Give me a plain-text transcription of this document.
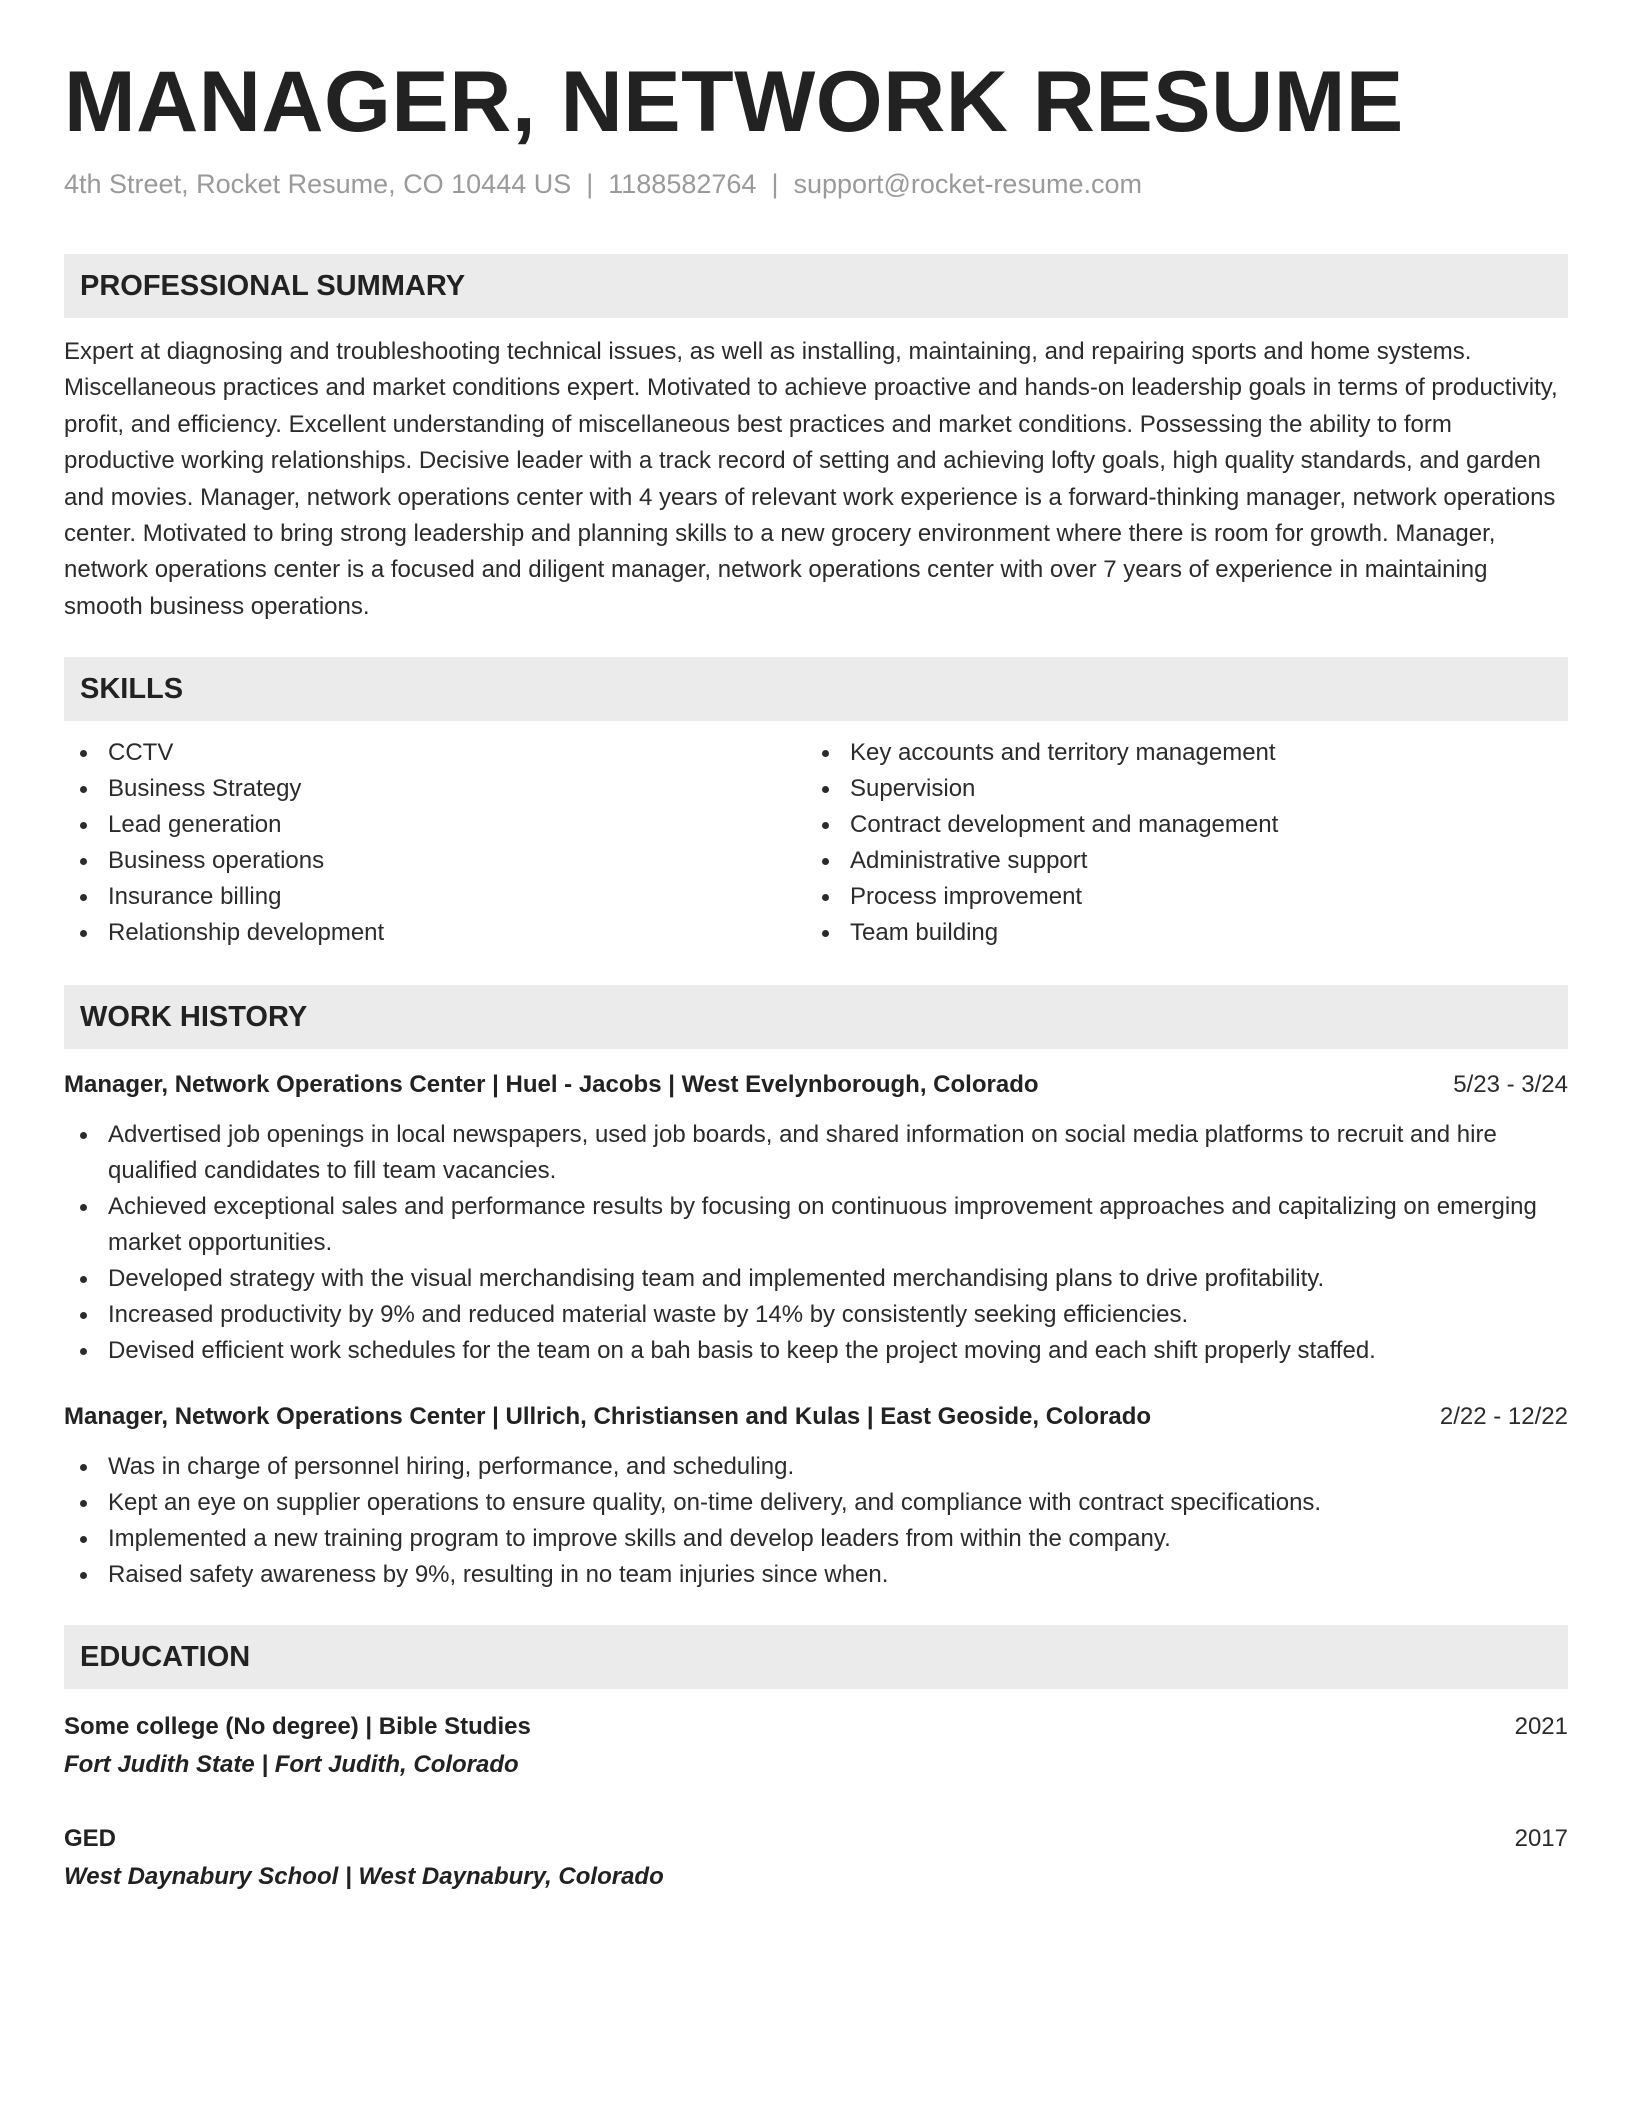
MANAGER, NETWORK RESUME
4th Street, Rocket Resume, CO 10444 US | 1188582764 | support@rocket-resume.com
PROFESSIONAL SUMMARY

Expert at diagnosing and troubleshooting technical issues, as well as installing, maintaining, and repairing sports and home systems. Miscellaneous practices and market conditions expert. Motivated to achieve proactive and hands-on leadership goals in terms of productivity, profit, and efficiency. Excellent understanding of miscellaneous best practices and market conditions. Possessing the ability to form productive working relationships. Decisive leader with a track record of setting and achieving lofty goals, high quality standards, and garden and movies. Manager, network operations center with 4 years of relevant work experience is a forward-thinking manager, network operations center. Motivated to bring strong leadership and planning skills to a new grocery environment where there is room for growth. Manager, network operations center is a focused and diligent manager, network operations center with over 7 years of experience in maintaining smooth business operations.

SKILLS
CCTV
Business Strategy
Lead generation
Business operations
Insurance billing
Relationship development
Key accounts and territory management
Supervision
Contract development and management
Administrative support
Process improvement
Team building
WORK HISTORY
Manager, Network Operations Center | Huel - Jacobs | West Evelynborough, Colorado	5/23 - 3/24
Advertised job openings in local newspapers, used job boards, and shared information on social media platforms to recruit and hire qualified candidates to fill team vacancies.
Achieved exceptional sales and performance results by focusing on continuous improvement approaches and capitalizing on emerging market opportunities.
Developed strategy with the visual merchandising team and implemented merchandising plans to drive profitability.
Increased productivity by 9% and reduced material waste by 14% by consistently seeking efficiencies.
Devised efficient work schedules for the team on a bah basis to keep the project moving and each shift properly staffed.
Manager, Network Operations Center | Ullrich, Christiansen and Kulas | East Geoside, Colorado	2/22 - 12/22
Was in charge of personnel hiring, performance, and scheduling.
Kept an eye on supplier operations to ensure quality, on-time delivery, and compliance with contract specifications.
Implemented a new training program to improve skills and develop leaders from within the company.
Raised safety awareness by 9%, resulting in no team injuries since when.
EDUCATION
Some college (No degree) | Bible Studies	2021
Fort Judith State | Fort Judith, Colorado
GED	2017
West Daynabury School | West Daynabury, Colorado
